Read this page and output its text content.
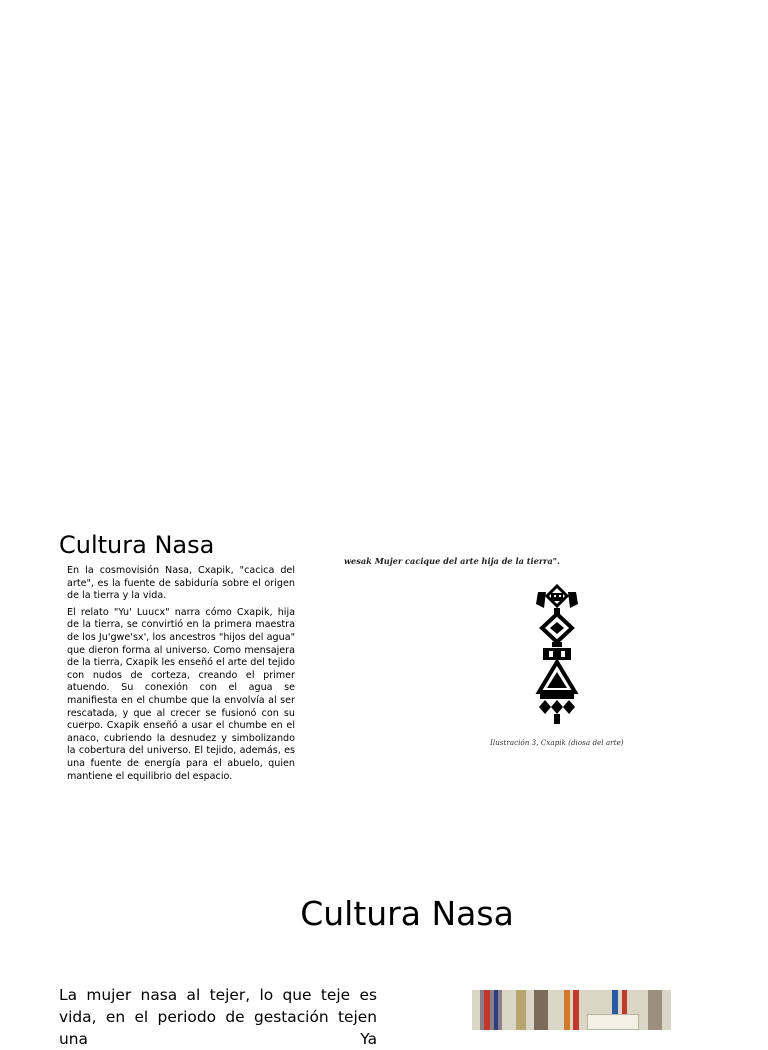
Cultura Nasa

En la cosmovisión Nasa, Cxapik, "cacica del arte", es la fuente de sabiduría sobre el origen de la tierra y la vida.

El relato "Yu' Luucx" narra cómo Cxapik, hija de la tierra, se convirtió en la primera maestra de los Ju'gwe'sx', los ancestros "hijos del agua" que dieron forma al universo. Como mensajera de la tierra, Cxapik les enseñó el arte del tejido con nudos de corteza, creando el primer atuendo. Su conexión con el agua se manifiesta en el chumbe que la envolvía al ser rescatada, y que al crecer se fusionó con su cuerpo. Cxapik enseñó a usar el chumbe en el anaco, cubriendo la desnudez y simbolizando la cobertura del universo. El tejido, además, es una fuente de energía para el abuelo, quien mantiene el equilibrio del espacio.

wesak Mujer cacique del arte hija de la tierra".
Ilustración 3, Cxapik (diosa del arte)
Cultura Nasa
La mujer nasa al tejer, lo que teje es vida, en el periodo de gestación tejen una Ya
